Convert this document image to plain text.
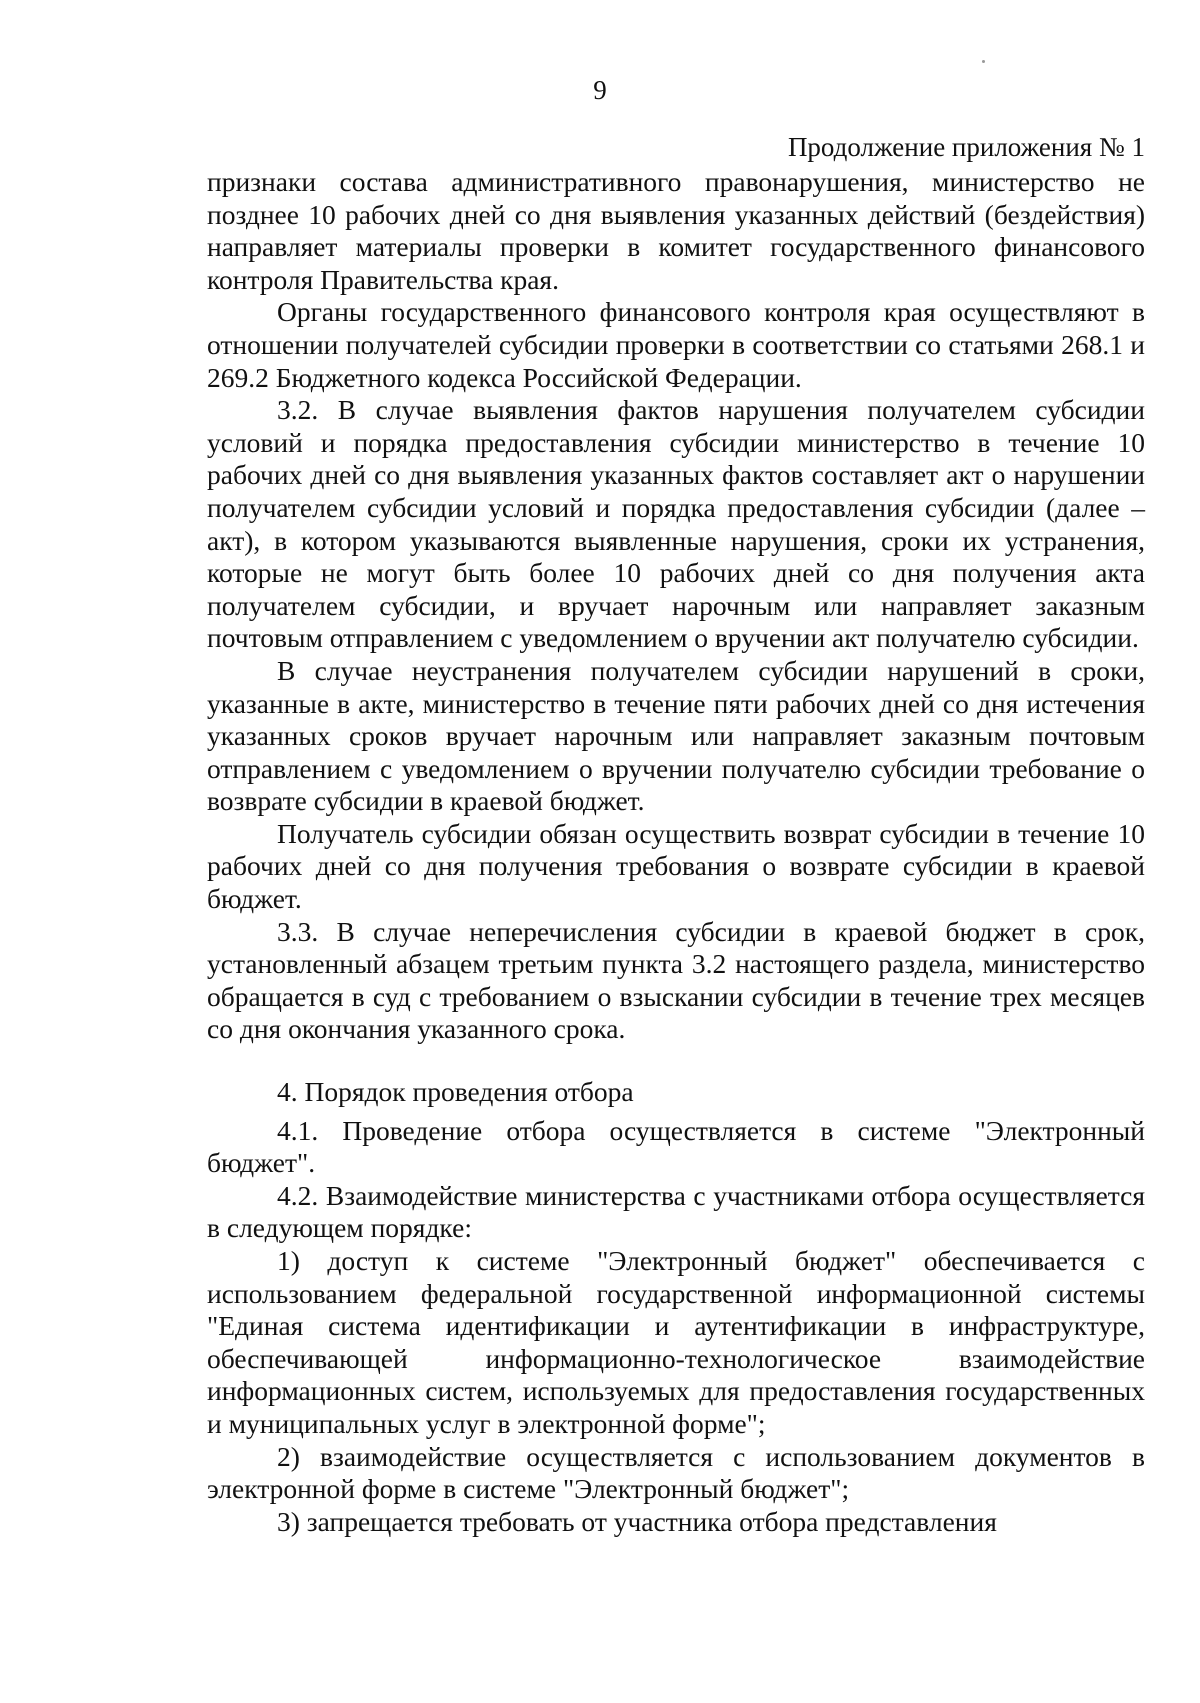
9
Продолжение приложения № 1

признаки состава административного правонарушения, министерство не позднее 10 рабочих дней со дня выявления указанных действий (бездействия) направляет материалы проверки в комитет государственного финансового контроля Правительства края.

Органы государственного финансового контроля края осуществляют в отношении получателей субсидии проверки в соответствии со статьями 268.1 и 269.2 Бюджетного кодекса Российской Федерации.

3.2. В случае выявления фактов нарушения получателем субсидии условий и порядка предоставления субсидии министерство в течение 10 рабочих дней со дня выявления указанных фактов составляет акт о нарушении получателем субсидии условий и порядка предоставления субсидии (далее – акт), в котором указываются выявленные нарушения, сроки их устранения, которые не могут быть более 10 рабочих дней со дня получения акта получателем субсидии, и вручает нарочным или направляет заказным почтовым отправлением с уведомлением о вручении акт получателю субсидии.

В случае неустранения получателем субсидии нарушений в сроки, указанные в акте, министерство в течение пяти рабочих дней со дня истечения указанных сроков вручает нарочным или направляет заказным почтовым отправлением с уведомлением о вручении получателю субсидии требование о возврате субсидии в краевой бюджет.

Получатель субсидии обязан осуществить возврат субсидии в течение 10 рабочих дней со дня получения требования о возврате субсидии в краевой бюджет.

3.3. В случае неперечисления субсидии в краевой бюджет в срок, установленный абзацем третьим пункта 3.2 настоящего раздела, министерство обращается в суд с требованием о взыскании субсидии в течение трех месяцев со дня окончания указанного срока.

4. Порядок проведения отбора

4.1. Проведение отбора осуществляется в системе "Электронный бюджет".

4.2. Взаимодействие министерства с участниками отбора осуществляется в следующем порядке:

1) доступ к системе "Электронный бюджет" обеспечивается с использованием федеральной государственной информационной системы "Единая система идентификации и аутентификации в инфраструктуре, обеспечивающей информационно-технологическое взаимодействие информационных систем, используемых для предоставления государственных и муниципальных услуг в электронной форме";

2) взаимодействие осуществляется с использованием документов в электронной форме в системе "Электронный бюджет";

3) запрещается требовать от участника отбора представления
